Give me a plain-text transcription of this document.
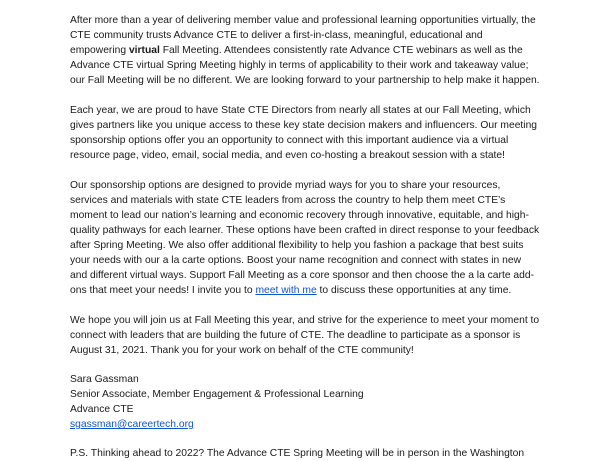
After more than a year of delivering member value and professional learning opportunities virtually, the CTE community trusts Advance CTE to deliver a first-in-class, meaningful, educational and empowering virtual Fall Meeting. Attendees consistently rate Advance CTE webinars as well as the Advance CTE virtual Spring Meeting highly in terms of applicability to their work and takeaway value; our Fall Meeting will be no different. We are looking forward to your partnership to help make it happen.

Each year, we are proud to have State CTE Directors from nearly all states at our Fall Meeting, which gives partners like you unique access to these key state decision makers and influencers. Our meeting sponsorship options offer you an opportunity to connect with this important audience via a virtual resource page, video, email, social media, and even co-hosting a breakout session with a state!

Our sponsorship options are designed to provide myriad ways for you to share your resources, services and materials with state CTE leaders from across the country to help them meet CTE’s moment to lead our nation’s learning and economic recovery through innovative, equitable, and high-quality pathways for each learner. These options have been crafted in direct response to your feedback after Spring Meeting. We also offer additional flexibility to help you fashion a package that best suits your needs with our a la carte options. Boost your name recognition and connect with states in new and different virtual ways. Support Fall Meeting as a core sponsor and then choose the a la carte add-ons that meet your needs! I invite you to meet with me to discuss these opportunities at any time.

We hope you will join us at Fall Meeting this year, and strive for the experience to meet your moment to connect with leaders that are building the future of CTE. The deadline to participate as a sponsor is August 31, 2021. Thank you for your work on behalf of the CTE community!

Sara Gassman

Senior Associate, Member Engagement & Professional Learning

Advance CTE

sgassman@careertech.org

P.S. Thinking ahead to 2022? The Advance CTE Spring Meeting will be in person in the Washington
